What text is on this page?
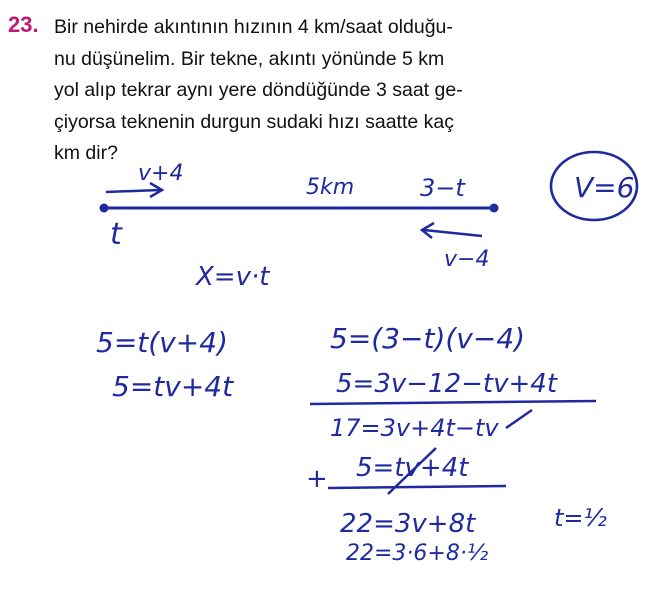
23. Bir nehirde akıntının hızının 4 km/saat olduğu-
nu düşünelim. Bir tekne, akıntı yönünde 5 km
yol alıp tekrar aynı yere döndüğünde 3 saat ge-
çiyorsa teknenin durgun sudaki hızı saatte kaç
km dir?
V=6
v+4
5km	3−t
t
v−4
X=v·t
5=t(v+4)
5=tv+4t
5=(3−t)(v−4)
5=3v−12−tv+4t
17=3v+4t−tv
+ 5=tv+4t
22=3v+8t	t=½
22=3·6+8·½
